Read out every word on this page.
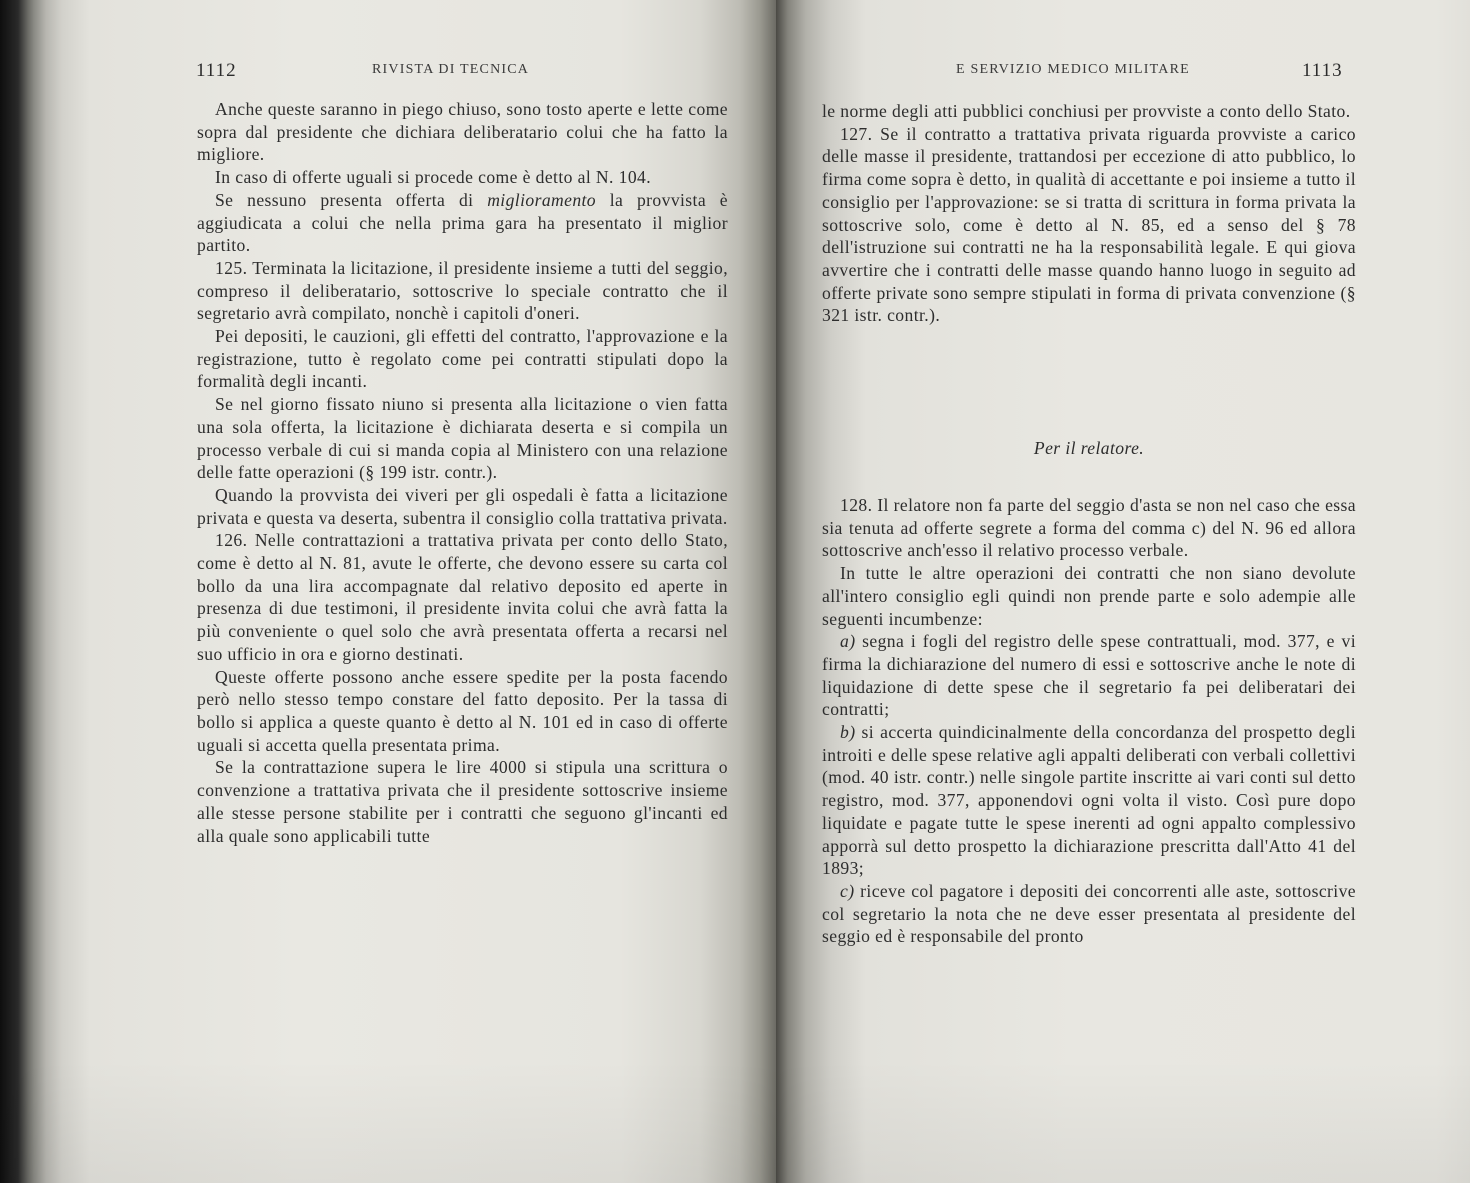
1112	RIVISTA DI TECNICA

Anche queste saranno in piego chiuso, sono tosto aperte e lette come sopra dal presidente che dichiara deliberatario colui che ha fatto la migliore.

In caso di offerte uguali si procede come è detto al N. 104.

Se nessuno presenta offerta di miglioramento la provvista è aggiudicata a colui che nella prima gara ha presentato il miglior partito.

125. Terminata la licitazione, il presidente insieme a tutti del seggio, compreso il deliberatario, sottoscrive lo speciale contratto che il segretario avrà compilato, nonchè i capitoli d'oneri.

Pei depositi, le cauzioni, gli effetti del contratto, l'approvazione e la registrazione, tutto è regolato come pei contratti stipulati dopo la formalità degli incanti.

Se nel giorno fissato niuno si presenta alla licitazione o vien fatta una sola offerta, la licitazione è dichiarata deserta e si compila un processo verbale di cui si manda copia al Ministero con una relazione delle fatte operazioni (§ 199 istr. contr.).

Quando la provvista dei viveri per gli ospedali è fatta a licitazione privata e questa va deserta, subentra il consiglio colla trattativa privata.

126. Nelle contrattazioni a trattativa privata per conto dello Stato, come è detto al N. 81, avute le offerte, che devono essere su carta col bollo da una lira accompagnate dal relativo deposito ed aperte in presenza di due testimoni, il presidente invita colui che avrà fatta la più conveniente o quel solo che avrà presentata offerta a recarsi nel suo ufficio in ora e giorno destinati.

Queste offerte possono anche essere spedite per la posta facendo però nello stesso tempo constare del fatto deposito. Per la tassa di bollo si applica a queste quanto è detto al N. 101 ed in caso di offerte uguali si accetta quella presentata prima.

Se la contrattazione supera le lire 4000 si stipula una scrittura o convenzione a trattativa privata che il presidente sottoscrive insieme alle stesse persone stabilite per i contratti che seguono gl'incanti ed alla quale sono applicabili tutte

E SERVIZIO MEDICO MILITARE	1113

le norme degli atti pubblici conchiusi per provviste a conto dello Stato.

127. Se il contratto a trattativa privata riguarda provviste a carico delle masse il presidente, trattandosi per eccezione di atto pubblico, lo firma come sopra è detto, in qualità di accettante e poi insieme a tutto il consiglio per l'approvazione: se si tratta di scrittura in forma privata la sottoscrive solo, come è detto al N. 85, ed a senso del § 78 dell'istruzione sui contratti ne ha la responsabilità legale. E qui giova avvertire che i contratti delle masse quando hanno luogo in seguito ad offerte private sono sempre stipulati in forma di privata convenzione (§ 321 istr. contr.).

Per il relatore.

128. Il relatore non fa parte del seggio d'asta se non nel caso che essa sia tenuta ad offerte segrete a forma del comma c) del N. 96 ed allora sottoscrive anch'esso il relativo processo verbale.

In tutte le altre operazioni dei contratti che non siano devolute all'intero consiglio egli quindi non prende parte e solo adempie alle seguenti incumbenze:

a) segna i fogli del registro delle spese contrattuali, mod. 377, e vi firma la dichiarazione del numero di essi e sottoscrive anche le note di liquidazione di dette spese che il segretario fa pei deliberatari dei contratti;

b) si accerta quindicinalmente della concordanza del prospetto degli introiti e delle spese relative agli appalti deliberati con verbali collettivi (mod. 40 istr. contr.) nelle singole partite inscritte ai vari conti sul detto registro, mod. 377, apponendovi ogni volta il visto. Così pure dopo liquidate e pagate tutte le spese inerenti ad ogni appalto complessivo apporrà sul detto prospetto la dichiarazione prescritta dall'Atto 41 del 1893;

c) riceve col pagatore i depositi dei concorrenti alle aste, sottoscrive col segretario la nota che ne deve esser presentata al presidente del seggio ed è responsabile del pronto
